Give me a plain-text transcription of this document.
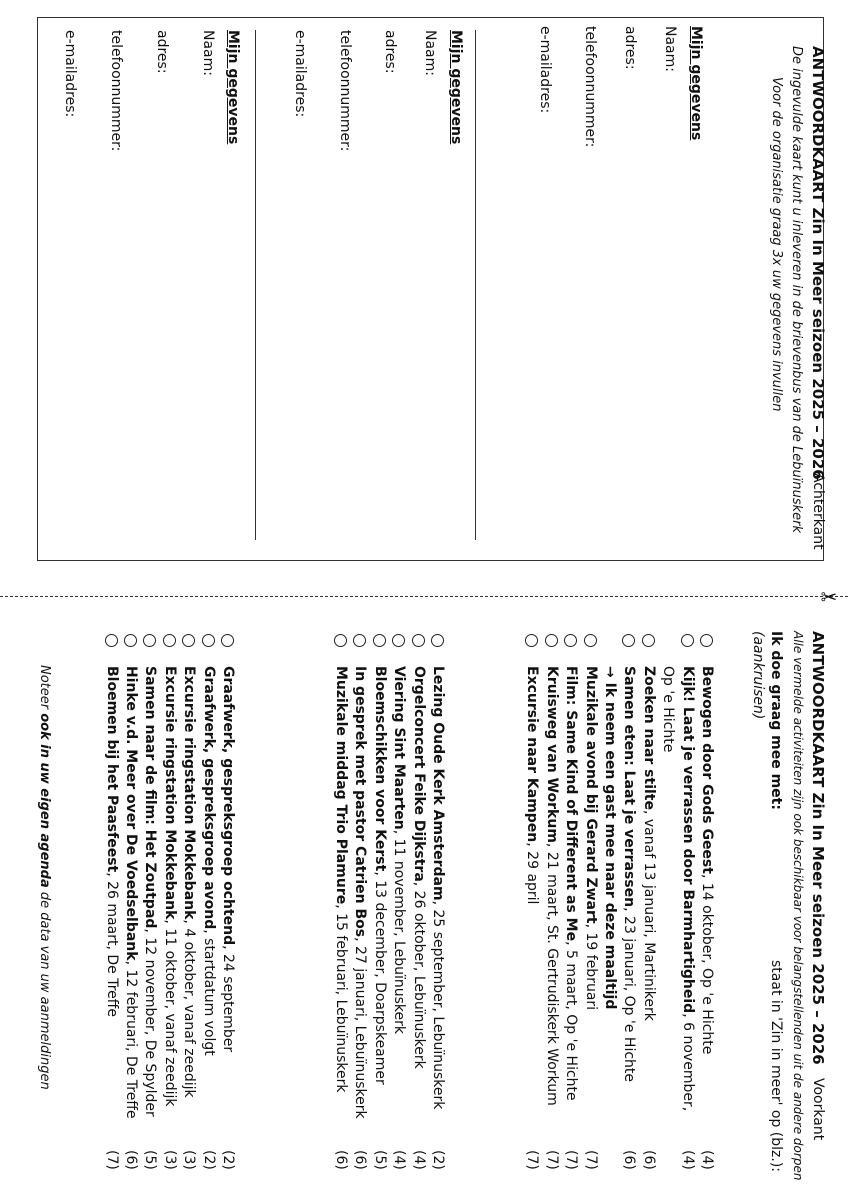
ANTWOORDKAART Zin In Meer seizoen 2025 – 2026
Achterkant
De ingevulde kaart kunt u inleveren in de brievenbus van de Lebuïnuskerk
Voor de organisatie graag 3x uw gegevens invullen
Mijn gegevens
Naam:
adres:
telefoonnummer:
e-mailadres:
Mijn gegevens
Naam:
adres:
telefoonnummer:
e-mailadres:
Mijn gegevens
Naam:
adres:
telefoonnummer:
e-mailadres:
✂
ANTWOORDKAART Zin In Meer seizoen 2025 – 2026
Voorkant
Alle vermelde activiteiten zijn ook beschikbaar voor belangstellenden uit de andere dorpen
Ik doe graag mee met:
staat in 'Zin in meer' op (blz.):
(aankruisen)
Noteer ook in uw eigen agenda de data van uw aanmeldingen
Bewogen door Gods Geest, 14 oktober, Op 'e Hichte
(4)
Kijk! Laat je verrassen door Barmhartigheid, 6 november,
(4)
Op 'e Hichte
Zoeken naar stilte, vanaf 13 januari, Martinikerk
(6)
Samen eten: Laat je verrassen, 23 januari, Op 'e Hichte
(6)
→ Ik neem een gast mee naar deze maaltijd
Muzikale avond bij Gerard Zwart, 19 februari
(7)
Film: Same Kind of Different as Me, 5 maart, Op 'e Hichte
(7)
Kruisweg van Workum, 21 maart, St. Gertrudiskerk Workum
(7)
Excursie naar Kampen, 29 april
(7)
Lezing Oude Kerk Amsterdam, 25 september, Lebuïnuskerk
(2)
Orgelconcert Feike Dijkstra, 26 oktober, Lebuïnuskerk
(4)
Viering Sint Maarten, 11 november, Lebuïnuskerk
(4)
Bloemschikken voor Kerst, 13 december, Doarpskeamer
(5)
In gesprek met pastor Catrien Bos, 27 januari, Lebuïnuskerk
(6)
Muzikale middag Trio Plamure, 15 februari, Lebuïnuskerk
(6)
Graafwerk, gespreksgroep ochtend, 24 september
(2)
Graafwerk, gespreksgroep avond, startdatum volgt
(2)
Excursie ringstation Mokkebank, 4 oktober, vanaf zeedijk
(3)
Excursie ringstation Mokkebank, 11 oktober, vanaf zeedijk
(3)
Samen naar de film: Het Zoutpad, 12 november, De Spylder
(5)
Hinke v.d. Meer over De Voedselbank, 12 februari, De Treffe
(6)
Bloemen bij het Paasfeest, 26 maart, De Treffe
(7)
